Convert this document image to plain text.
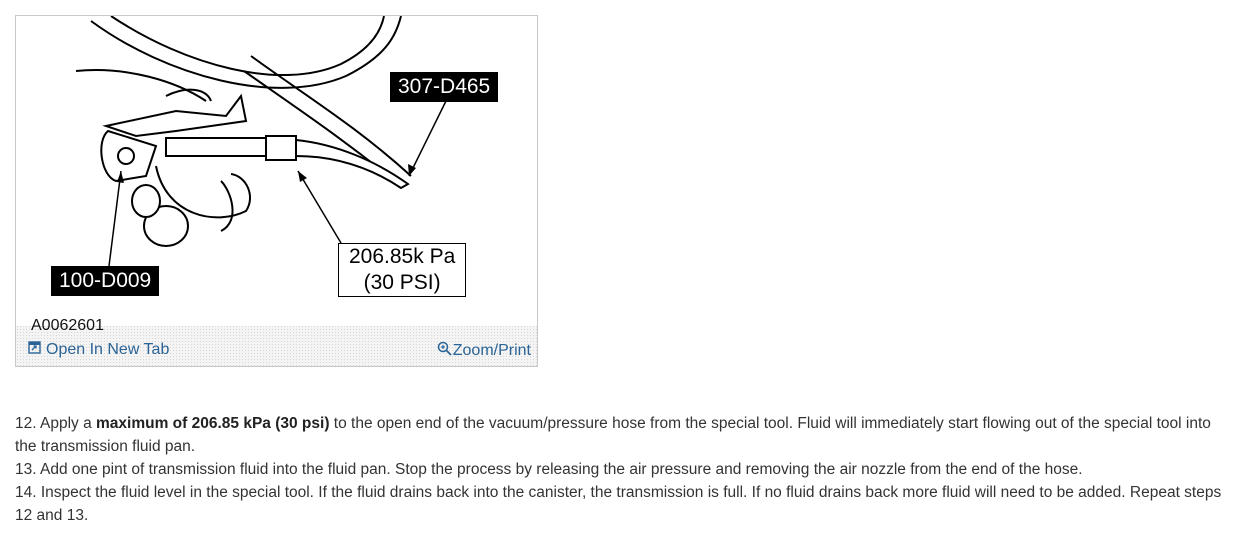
307-D465
100-D009
206.85k Pa
(30 PSI)
A0062601
Open In New Tab	Zoom/Print

12. Apply a maximum of 206.85 kPa (30 psi) to the open end of the vacuum/pressure hose from the special tool. Fluid will immediately start flowing out of the special tool into the transmission fluid pan.

13. Add one pint of transmission fluid into the fluid pan. Stop the process by releasing the air pressure and removing the air nozzle from the end of the hose.

14. Inspect the fluid level in the special tool. If the fluid drains back into the canister, the transmission is full. If no fluid drains back more fluid will need to be added. Repeat steps 12 and 13.
